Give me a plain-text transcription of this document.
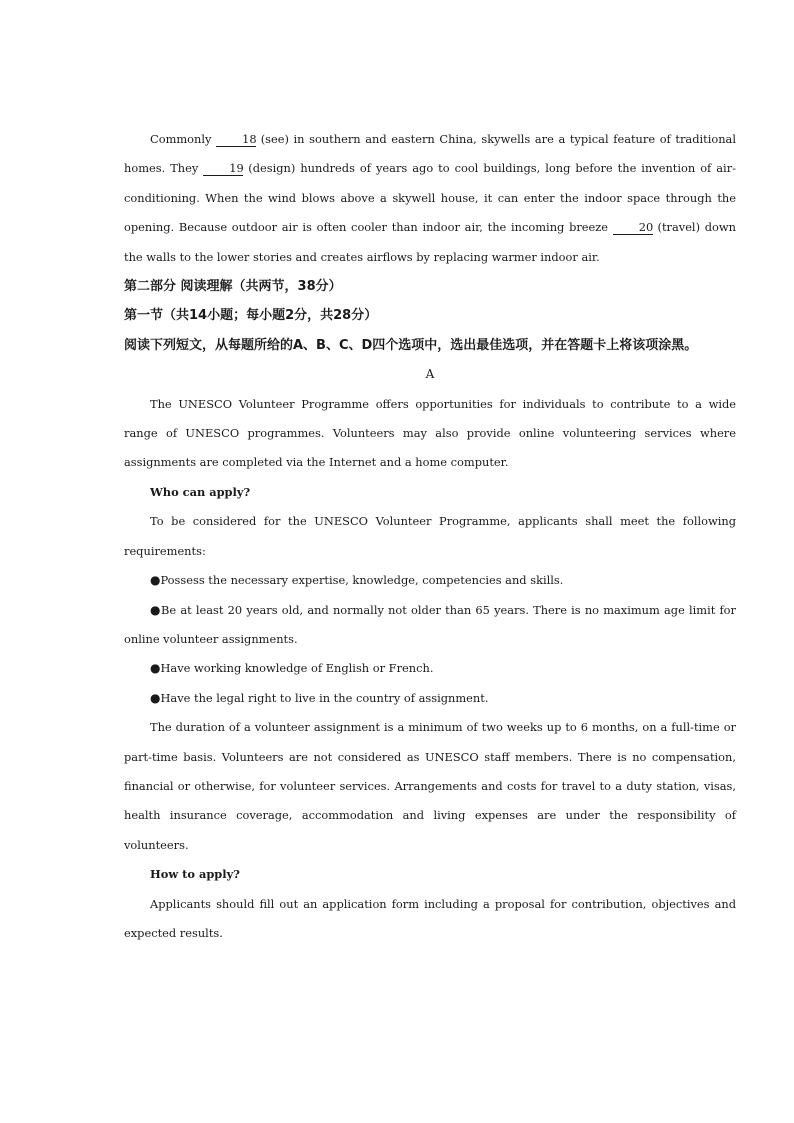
Commonly 18 (see) in southern and eastern China, skywells are a typical feature of traditional homes. They 19 (design) hundreds of years ago to cool buildings, long before the invention of air-conditioning. When the wind blows above a skywell house, it can enter the indoor space through the opening. Because outdoor air is often cooler than indoor air, the incoming breeze 20 (travel) down the walls to the lower stories and creates airflows by replacing warmer indoor air.

第二部分 阅读理解（共两节，38分）

第一节（共14小题；每小题2分，共28分）

阅读下列短文，从每题所给的A、B、C、D四个选项中，选出最佳选项，并在答题卡上将该项涂黑。

A

The UNESCO Volunteer Programme offers opportunities for individuals to contribute to a wide range of UNESCO programmes. Volunteers may also provide online volunteering services where assignments are completed via the Internet and a home computer.

Who can apply?

To be considered for the UNESCO Volunteer Programme, applicants shall meet the following requirements:

●Possess the necessary expertise, knowledge, competencies and skills.

●Be at least 20 years old, and normally not older than 65 years. There is no maximum age limit for online volunteer assignments.

●Have working knowledge of English or French.

●Have the legal right to live in the country of assignment.

The duration of a volunteer assignment is a minimum of two weeks up to 6 months, on a full-time or part-time basis. Volunteers are not considered as UNESCO staff members. There is no compensation, financial or otherwise, for volunteer services. Arrangements and costs for travel to a duty station, visas, health insurance coverage, accommodation and living expenses are under the responsibility of volunteers.

How to apply?

Applicants should fill out an application form including a proposal for contribution, objectives and expected results.
